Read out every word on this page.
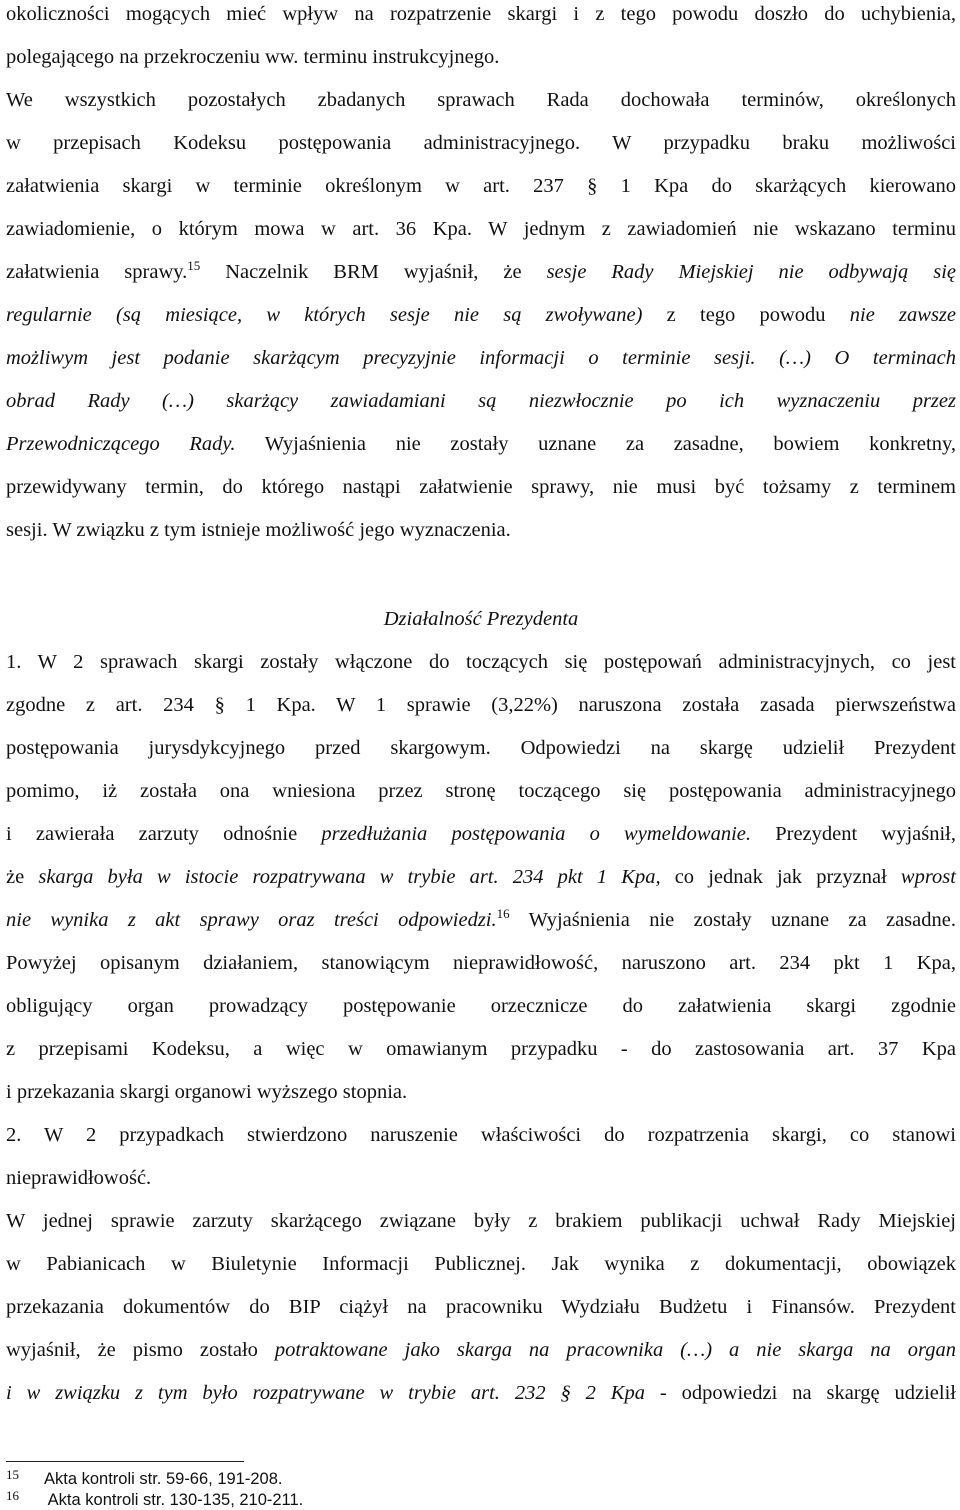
okoliczności mogących mieć wpływ na rozpatrzenie skargi i z tego powodu doszło do uchybienia,
polegającego na przekroczeniu ww. terminu instrukcyjnego.
We wszystkich pozostałych zbadanych sprawach Rada dochowała terminów, określonych
w przepisach Kodeksu postępowania administracyjnego. W przypadku braku możliwości
załatwienia skargi w terminie określonym w art. 237 § 1 Kpa do skarżących kierowano
zawiadomienie, o którym mowa w art. 36 Kpa. W jednym z zawiadomień nie wskazano terminu
załatwienia sprawy.$^{15}$ Naczelnik BRM wyjaśnił, że sesje Rady Miejskiej nie odbywają się
regularnie (są miesiące, w których sesje nie są zwoływane) z tego powodu nie zawsze
możliwym jest podanie skarżącym precyzyjnie informacji o terminie sesji. (…) O terminach
obrad Rady (…) skarżący zawiadamiani są niezwłocznie po ich wyznaczeniu przez
Przewodniczącego Rady. Wyjaśnienia nie zostały uznane za zasadne, bowiem konkretny,
przewidywany termin, do którego nastąpi załatwienie sprawy, nie musi być tożsamy z terminem
sesji. W związku z tym istnieje możliwość jego wyznaczenia.
Działalność Prezydenta
1. W 2 sprawach skargi zostały włączone do toczących się postępowań administracyjnych, co jest
zgodne z art. 234 § 1 Kpa. W 1 sprawie (3,22%) naruszona została zasada pierwszeństwa
postępowania jurysdykcyjnego przed skargowym. Odpowiedzi na skargę udzielił Prezydent
pomimo, iż została ona wniesiona przez stronę toczącego się postępowania administracyjnego
i zawierała zarzuty odnośnie przedłużania postępowania o wymeldowanie. Prezydent wyjaśnił,
że skarga była w istocie rozpatrywana w trybie art. 234 pkt 1 Kpa, co jednak jak przyznał wprost
nie wynika z akt sprawy oraz treści odpowiedzi.$^{16}$ Wyjaśnienia nie zostały uznane za zasadne.
Powyżej opisanym działaniem, stanowiącym nieprawidłowość, naruszono art. 234 pkt 1 Kpa,
obligujący organ prowadzący postępowanie orzecznicze do załatwienia skargi zgodnie
z przepisami Kodeksu, a więc w omawianym przypadku - do zastosowania art. 37 Kpa
i przekazania skargi organowi wyższego stopnia.
2. W 2 przypadkach stwierdzono naruszenie właściwości do rozpatrzenia skargi, co stanowi
nieprawidłowość.
W jednej sprawie zarzuty skarżącego związane były z brakiem publikacji uchwał Rady Miejskiej
w Pabianicach w Biuletynie Informacji Publicznej. Jak wynika z dokumentacji, obowiązek
przekazania dokumentów do BIP ciążył na pracowniku Wydziału Budżetu i Finansów. Prezydent
wyjaśnił, że pismo zostało potraktowane jako skarga na pracownika (…) a nie skarga na organ
i w związku z tym było rozpatrywane w trybie art. 232 § 2 Kpa - odpowiedzi na skargę udzielił
15 Akta kontroli str. 59-66, 191-208.
16 Akta kontroli str. 130-135, 210-211.
